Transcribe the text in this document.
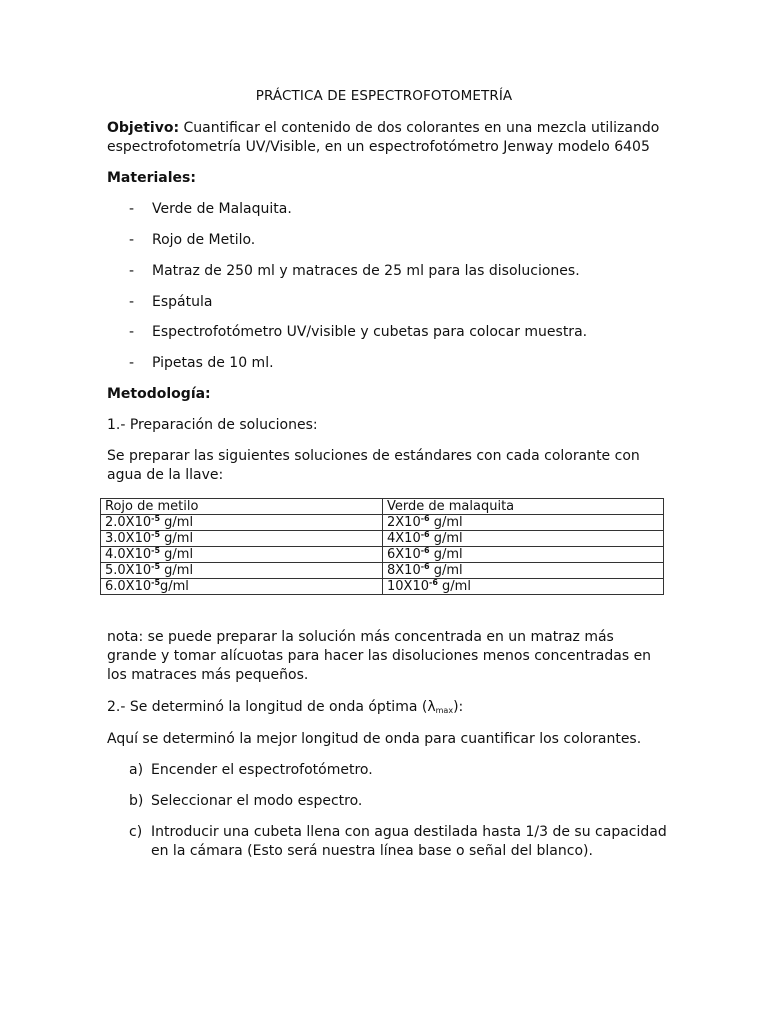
PRÁCTICA DE ESPECTROFOTOMETRÍA
Objetivo: Cuantificar el contenido de dos colorantes en una mezcla utilizando espectrofotometría UV/Visible, en un espectrofotómetro Jenway modelo 6405
Materiales:
- Verde de Malaquita.
- Rojo de Metilo.
- Matraz de 250 ml y matraces de 25 ml para las disoluciones.
- Espátula
- Espectrofotómetro UV/visible y cubetas para colocar muestra.
- Pipetas de 10 ml.
Metodología:
1.- Preparación de soluciones:
Se preparar las siguientes soluciones de estándares con cada colorante con agua de la llave:
Rojo de metilo	Verde de malaquita
$2.0X10^{-5}$ g/ml	$2X10^{-6}$ g/ml
$3.0X10^{-5}$ g/ml	$4X10^{-6}$ g/ml
$4.0X10^{-5}$ g/ml	$6X10^{-6}$ g/ml
$5.0X10^{-5}$ g/ml	$8X10^{-6}$ g/ml
$6.0X10^{-5}g/ml$	$10X10^{-6}$ g/ml
nota: se puede preparar la solución más concentrada en un matraz más grande y tomar alícuotas para hacer las disoluciones menos concentradas en los matraces más pequeños.
2.- Se determinó la longitud de onda óptima $(\lambda_{max})$:
Aquí se determinó la mejor longitud de onda para cuantificar los colorantes.
a) Encender el espectrofotómetro.
b) Seleccionar el modo espectro.
c) Introducir una cubeta llena con agua destilada hasta 1/3 de su capacidad en la cámara (Esto será nuestra línea base o señal del blanco).
